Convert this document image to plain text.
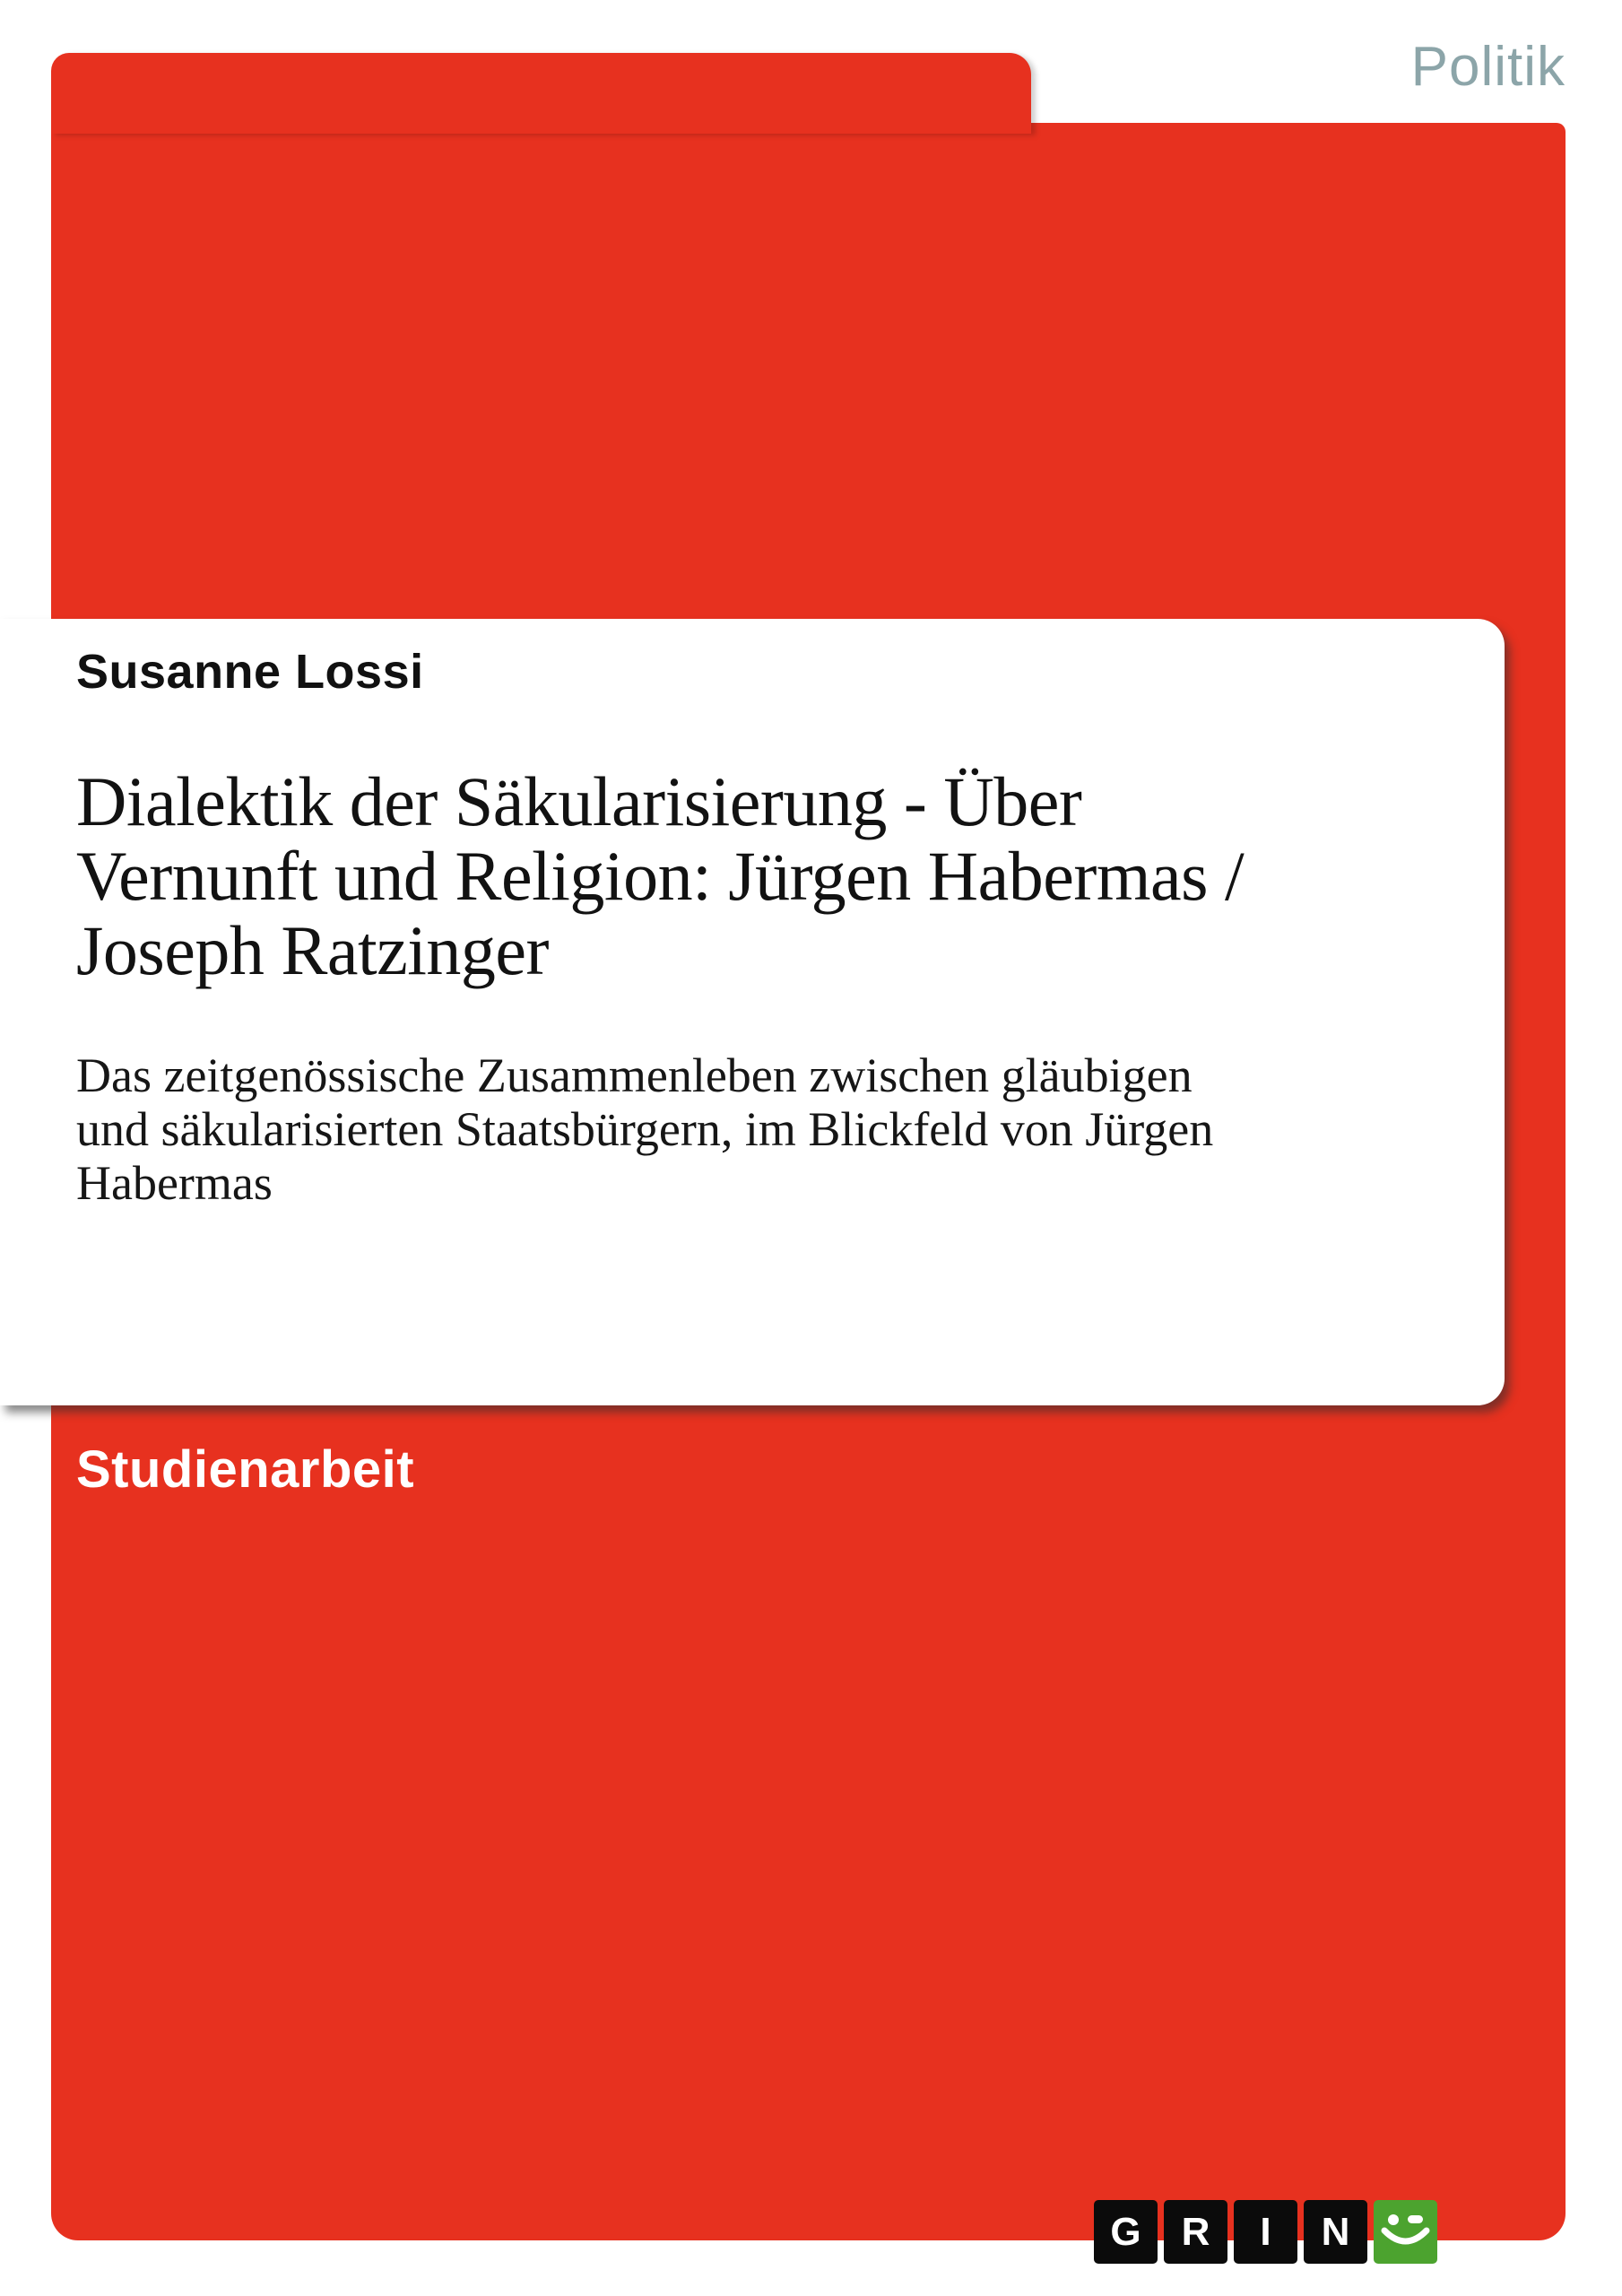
Politik
Susanne Lossi
Dialektik der Säkularisierung - Über
Vernunft und Religion: Jürgen Habermas /
Joseph Ratzinger
Das zeitgenössische Zusammenleben zwischen gläubigen
und säkularisierten Staatsbürgern, im Blickfeld von Jürgen
Habermas
Studienarbeit
G	R	I	N
